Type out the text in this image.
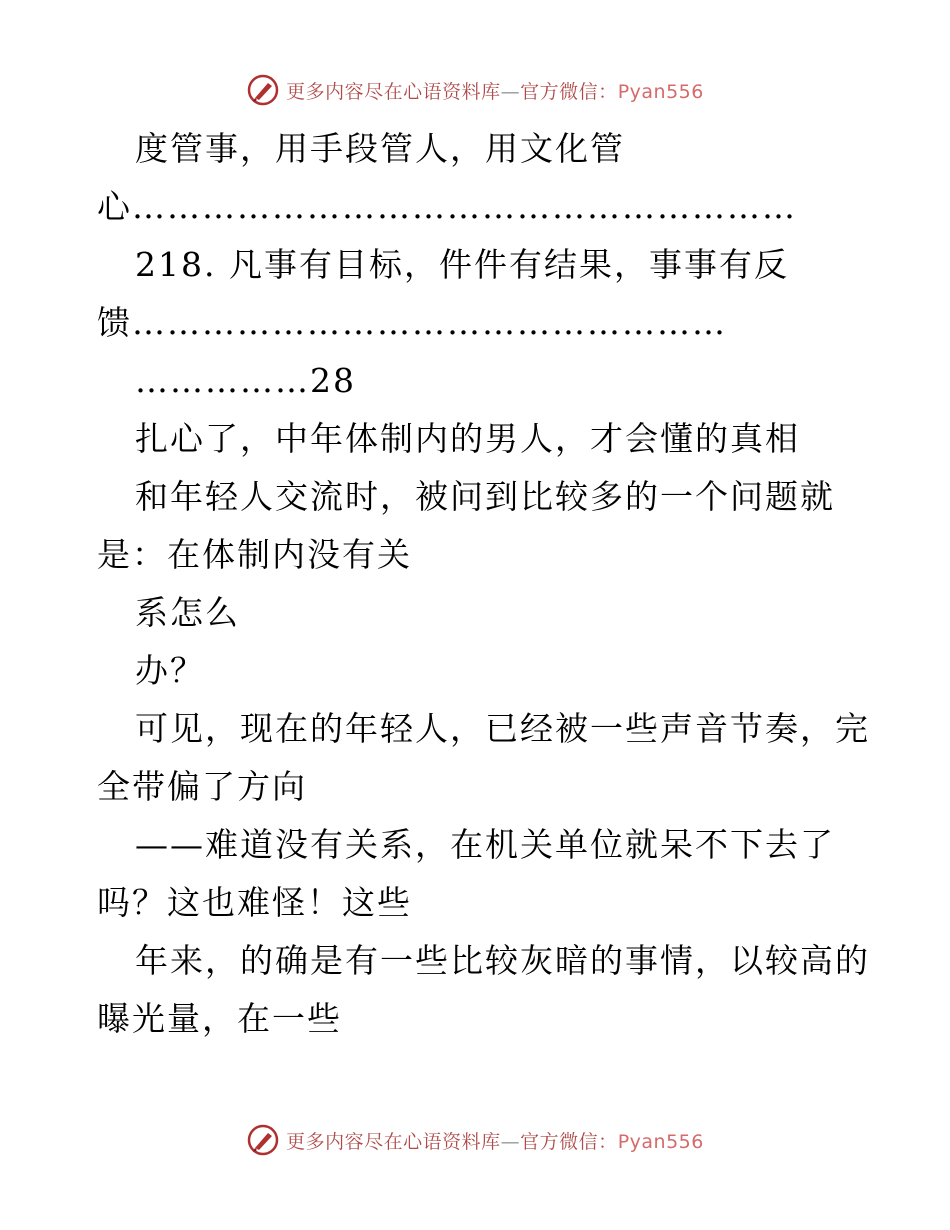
更多内容尽在心语资料库—官方微信：Pyan556
度管事，用手段管人，用文化管
心…………………………………………………
218. 凡事有目标，件件有结果，事事有反
馈……………………………………………
……………28
扎心了，中年体制内的男人，才会懂的真相
和年轻人交流时，被问到比较多的一个问题就
是：在体制内没有关
系怎么
办？
可见，现在的年轻人，已经被一些声音节奏，完
全带偏了方向
——难道没有关系，在机关单位就呆不下去了
吗？这也难怪！这些
年来，的确是有一些比较灰暗的事情，以较高的
曝光量，在一些
更多内容尽在心语资料库—官方微信：Pyan556
